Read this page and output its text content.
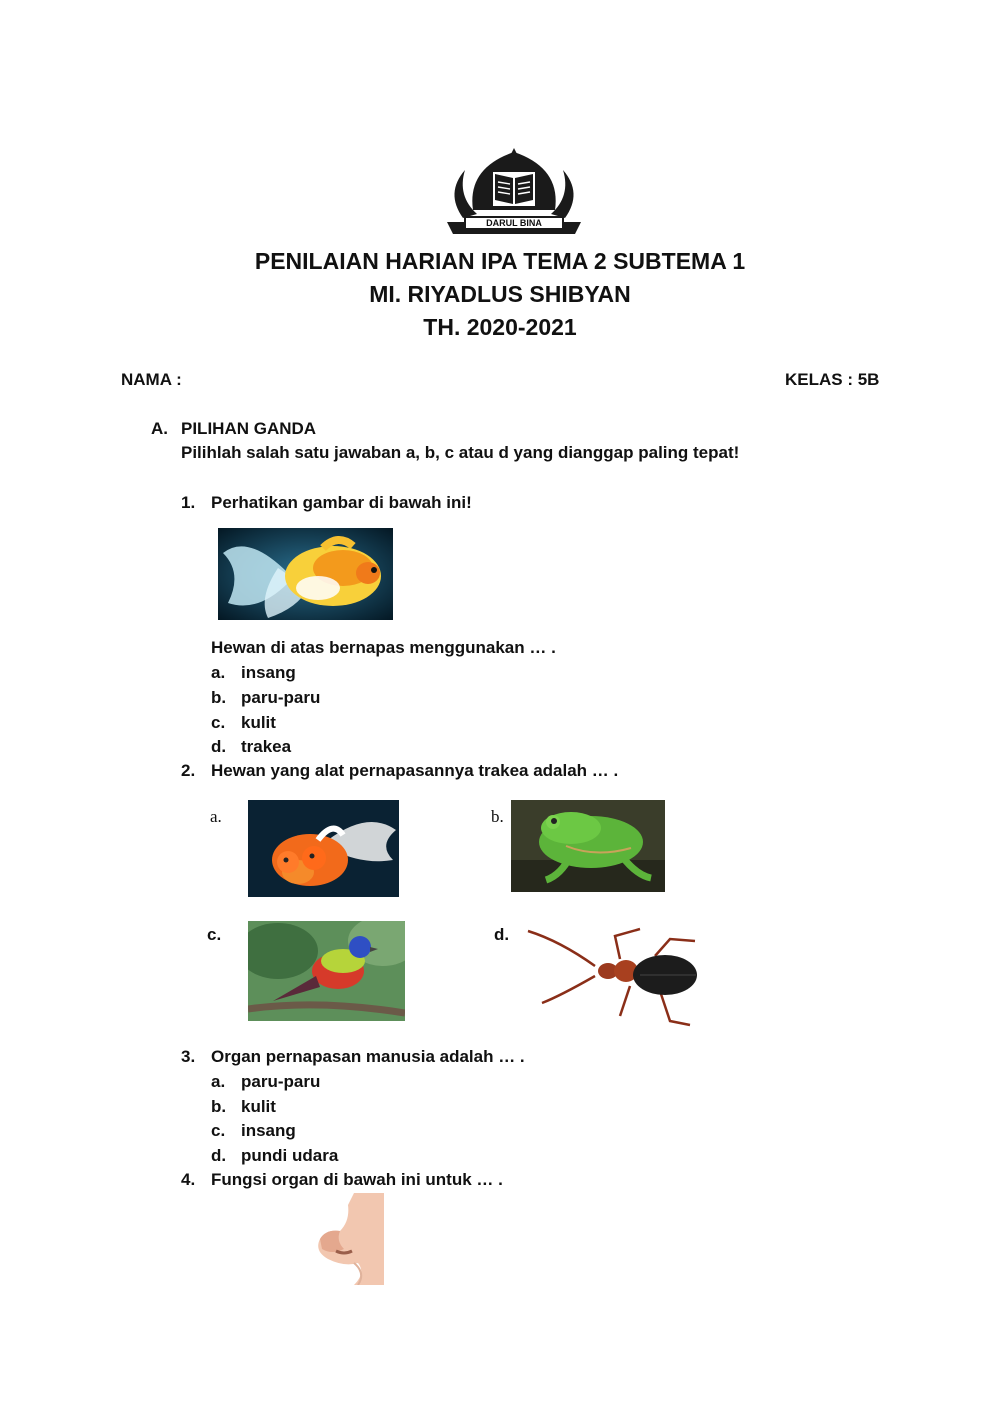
DARUL BINA
PENILAIAN HARIAN IPA TEMA 2 SUBTEMA 1
MI. RIYADLUS SHIBYAN
TH. 2020-2021
NAMA :	KELAS : 5B
A. PILIHAN GANDA
Pilihlah salah satu jawaban a, b, c atau d yang dianggap paling tepat!
1. Perhatikan gambar di bawah ini!
Hewan di atas bernapas menggunakan … .
a. insang
b. paru-paru
c. kulit
d. trakea
2. Hewan yang alat pernapasannya trakea adalah … .
a.	b.
c.	d.
3. Organ pernapasan manusia adalah … .
a. paru-paru
b. kulit
c. insang
d. pundi udara
4. Fungsi organ di bawah ini untuk … .
